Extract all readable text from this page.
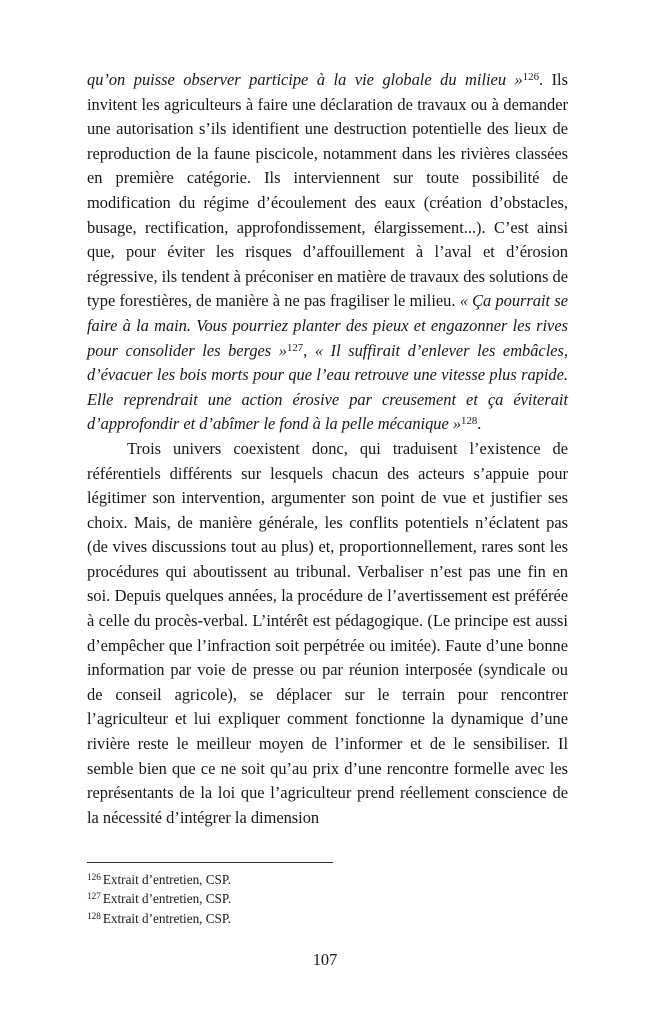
qu’on puisse observer participe à la vie globale du milieu »$^{126}$. Ils invitent les agriculteurs à faire une déclaration de travaux ou à demander une autorisation s’ils identifient une destruction potentielle des lieux de reproduction de la faune piscicole, notamment dans les rivières classées en première catégorie. Ils interviennent sur toute possibilité de modification du régime d’écoulement des eaux (création d’obstacles, busage, rectification, approfondissement, élargissement...). C’est ainsi que, pour éviter les risques d’affouillement à l’aval et d’érosion régressive, ils tendent à préconiser en matière de travaux des solutions de type forestières, de manière à ne pas fragiliser le milieu. « Ça pourrait se faire à la main. Vous pourriez planter des pieux et engazonner les rives pour consolider les berges »$^{127}$, « Il suffirait d’enlever les embâcles, d’évacuer les bois morts pour que l’eau retrouve une vitesse plus rapide. Elle reprendrait une action érosive par creusement et ça éviterait d’approfondir et d’abîmer le fond à la pelle mécanique »$^{128}$.

Trois univers coexistent donc, qui traduisent l’existence de référentiels différents sur lesquels chacun des acteurs s’appuie pour légitimer son intervention, argumenter son point de vue et justifier ses choix. Mais, de manière générale, les conflits potentiels n’éclatent pas (de vives discussions tout au plus) et, proportionnellement, rares sont les procédures qui aboutissent au tribunal. Verbaliser n’est pas une fin en soi. Depuis quelques années, la procédure de l’avertissement est préférée à celle du procès-verbal. L’intérêt est pédagogique. (Le principe est aussi d’empêcher que l’infraction soit perpétrée ou imitée). Faute d’une bonne information par voie de presse ou par réunion interposée (syndicale ou de conseil agricole), se déplacer sur le terrain pour rencontrer l’agriculteur et lui expliquer comment fonctionne la dynamique d’une rivière reste le meilleur moyen de l’informer et de le sensibiliser. Il semble bien que ce ne soit qu’au prix d’une rencontre formelle avec les représentants de la loi que l’agriculteur prend réellement conscience de la nécessité d’intégrer la dimension

$^{126}$ Extrait d’entretien, CSP.
$^{127}$ Extrait d’entretien, CSP.
$^{128}$ Extrait d’entretien, CSP.
107
